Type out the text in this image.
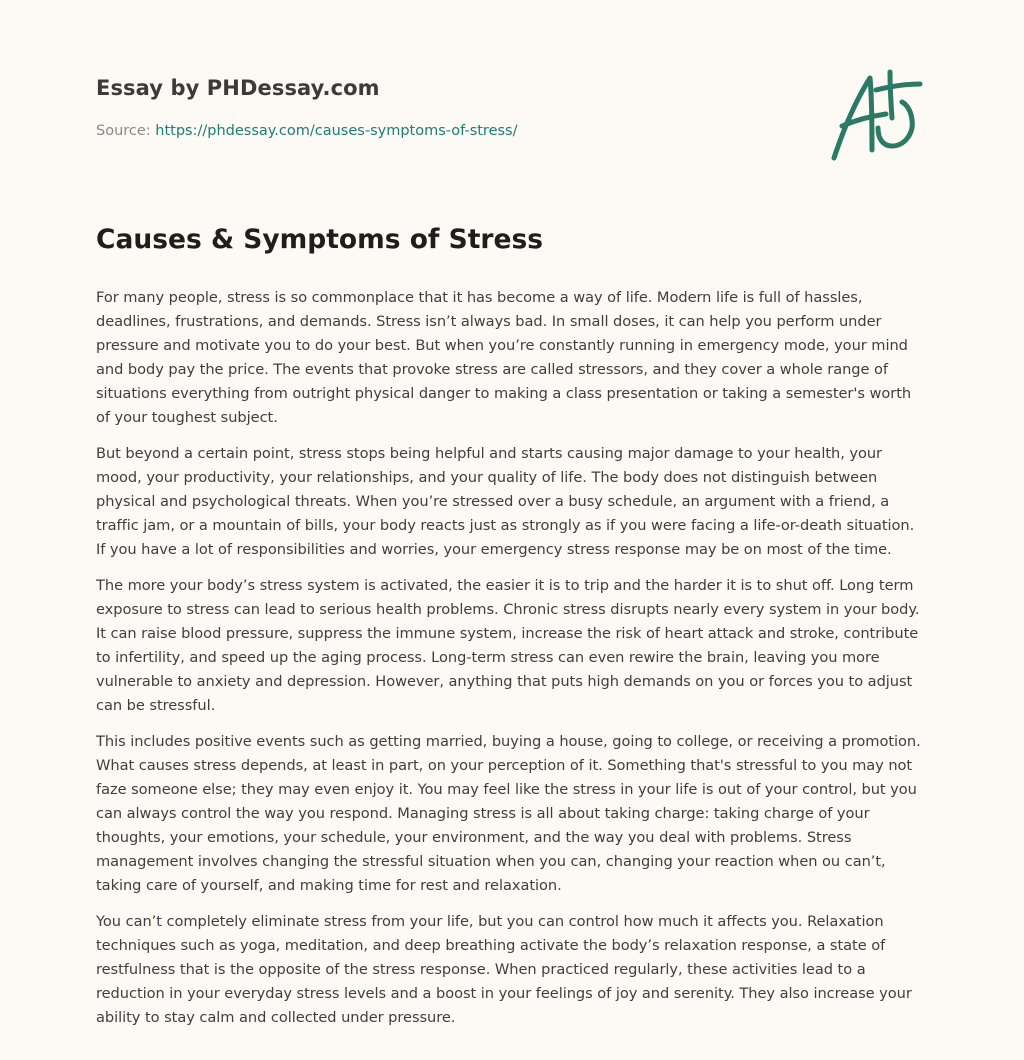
Essay by PHDessay.com
Source: https://phdessay.com/causes-symptoms-of-stress/
Causes & Symptoms of Stress

For many people, stress is so commonplace that it has become a way of life. Modern life is full of hassles, deadlines, frustrations, and demands. Stress isn’t always bad. In small doses, it can help you perform under pressure and motivate you to do your best. But when you’re constantly running in emergency mode, your mind and body pay the price. The events that provoke stress are called stressors, and they cover a whole range of situations everything from outright physical danger to making a class presentation or taking a semester's worth of your toughest subject.

But beyond a certain point, stress stops being helpful and starts causing major damage to your health, your mood, your productivity, your relationships, and your quality of life. The body does not distinguish between physical and psychological threats. When you’re stressed over a busy schedule, an argument with a friend, a traffic jam, or a mountain of bills, your body reacts just as strongly as if you were facing a life-or-death situation. If you have a lot of responsibilities and worries, your emergency stress response may be on most of the time.

The more your body’s stress system is activated, the easier it is to trip and the harder it is to shut off. Long term exposure to stress can lead to serious health problems. Chronic stress disrupts nearly every system in your body. It can raise blood pressure, suppress the immune system, increase the risk of heart attack and stroke, contribute to infertility, and speed up the aging process. Long-term stress can even rewire the brain, leaving you more vulnerable to anxiety and depression. However, anything that puts high demands on you or forces you to adjust can be stressful.

This includes positive events such as getting married, buying a house, going to college, or receiving a promotion. What causes stress depends, at least in part, on your perception of it. Something that's stressful to you may not faze someone else; they may even enjoy it. You may feel like the stress in your life is out of your control, but you can always control the way you respond. Managing stress is all about taking charge: taking charge of your thoughts, your emotions, your schedule, your environment, and the way you deal with problems. Stress management involves changing the stressful situation when you can, changing your reaction when ou can’t, taking care of yourself, and making time for rest and relaxation.

You can’t completely eliminate stress from your life, but you can control how much it affects you. Relaxation techniques such as yoga, meditation, and deep breathing activate the body’s relaxation response, a state of restfulness that is the opposite of the stress response. When practiced regularly, these activities lead to a reduction in your everyday stress levels and a boost in your feelings of joy and serenity. They also increase your ability to stay calm and collected under pressure.
